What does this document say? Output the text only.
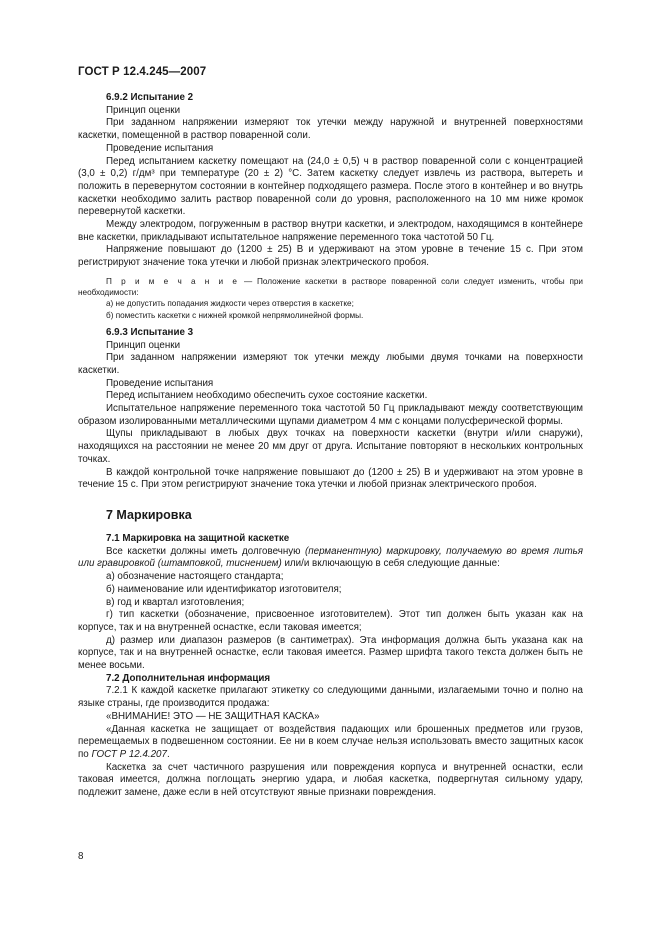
ГОСТ Р 12.4.245—2007

6.9.2 Испытание 2

Принцип оценки

При заданном напряжении измеряют ток утечки между наружной и внутренней поверхностями каскетки, помещенной в раствор поваренной соли.

Проведение испытания

Перед испытанием каскетку помещают на (24,0 ± 0,5) ч в раствор поваренной соли с концентрацией (3,0 ± 0,2) г/дм³ при температуре (20 ± 2) °С. Затем каскетку следует извлечь из раствора, вытереть и положить в перевернутом состоянии в контейнер подходящего размера. После этого в контейнер и во внутрь каскетки необходимо залить раствор поваренной соли до уровня, расположенного на 10 мм ниже кромок перевернутой каскетки.

Между электродом, погруженным в раствор внутри каскетки, и электродом, находящимся в контейнере вне каскетки, прикладывают испытательное напряжение переменного тока частотой 50 Гц.

Напряжение повышают до (1200 ± 25) В и удерживают на этом уровне в течение 15 с. При этом регистрируют значение тока утечки и любой признак электрического пробоя.

П р и м е ч а н и е — Положение каскетки в растворе поваренной соли следует изменить, чтобы при необходимости:

а) не допустить попадания жидкости через отверстия в каскетке;

б) поместить каскетки с нижней кромкой непрямолинейной формы.

6.9.3 Испытание 3

Принцип оценки

При заданном напряжении измеряют ток утечки между любыми двумя точками на поверхности каскетки.

Проведение испытания

Перед испытанием необходимо обеспечить сухое состояние каскетки.

Испытательное напряжение переменного тока частотой 50 Гц прикладывают между соответствующим образом изолированными металлическими щупами диаметром 4 мм с концами полусферической формы.

Щупы прикладывают в любых двух точках на поверхности каскетки (внутри и/или снаружи), находящихся на расстоянии не менее 20 мм друг от друга. Испытание повторяют в нескольких контрольных точках.

В каждой контрольной точке напряжение повышают до (1200 ± 25) В и удерживают на этом уровне в течение 15 с. При этом регистрируют значение тока утечки и любой признак электрического пробоя.

7 Маркировка

7.1 Маркировка на защитной каскетке

Все каскетки должны иметь долговечную (перманентную) маркировку, получаемую во время литья или гравировкой (штамповкой, тиснением) или/и включающую в себя следующие данные:

а) обозначение настоящего стандарта;

б) наименование или идентификатор изготовителя;

в) год и квартал изготовления;

г) тип каскетки (обозначение, присвоенное изготовителем). Этот тип должен быть указан как на корпусе, так и на внутренней оснастке, если таковая имеется;

д) размер или диапазон размеров (в сантиметрах). Эта информация должна быть указана как на корпусе, так и на внутренней оснастке, если таковая имеется. Размер шрифта такого текста должен быть не менее восьми.

7.2 Дополнительная информация

7.2.1 К каждой каскетке прилагают этикетку со следующими данными, излагаемыми точно и полно на языке страны, где производится продажа:

«ВНИМАНИЕ! ЭТО — НЕ ЗАЩИТНАЯ КАСКА»

«Данная каскетка не защищает от воздействия падающих или брошенных предметов или грузов, перемещаемых в подвешенном состоянии. Ее ни в коем случае нельзя использовать вместо защитных касок по ГОСТ Р 12.4.207.

Каскетка за счет частичного разрушения или повреждения корпуса и внутренней оснастки, если таковая имеется, должна поглощать энергию удара, и любая каскетка, подвергнутая сильному удару, подлежит замене, даже если в ней отсутствуют явные признаки повреждения.

8
